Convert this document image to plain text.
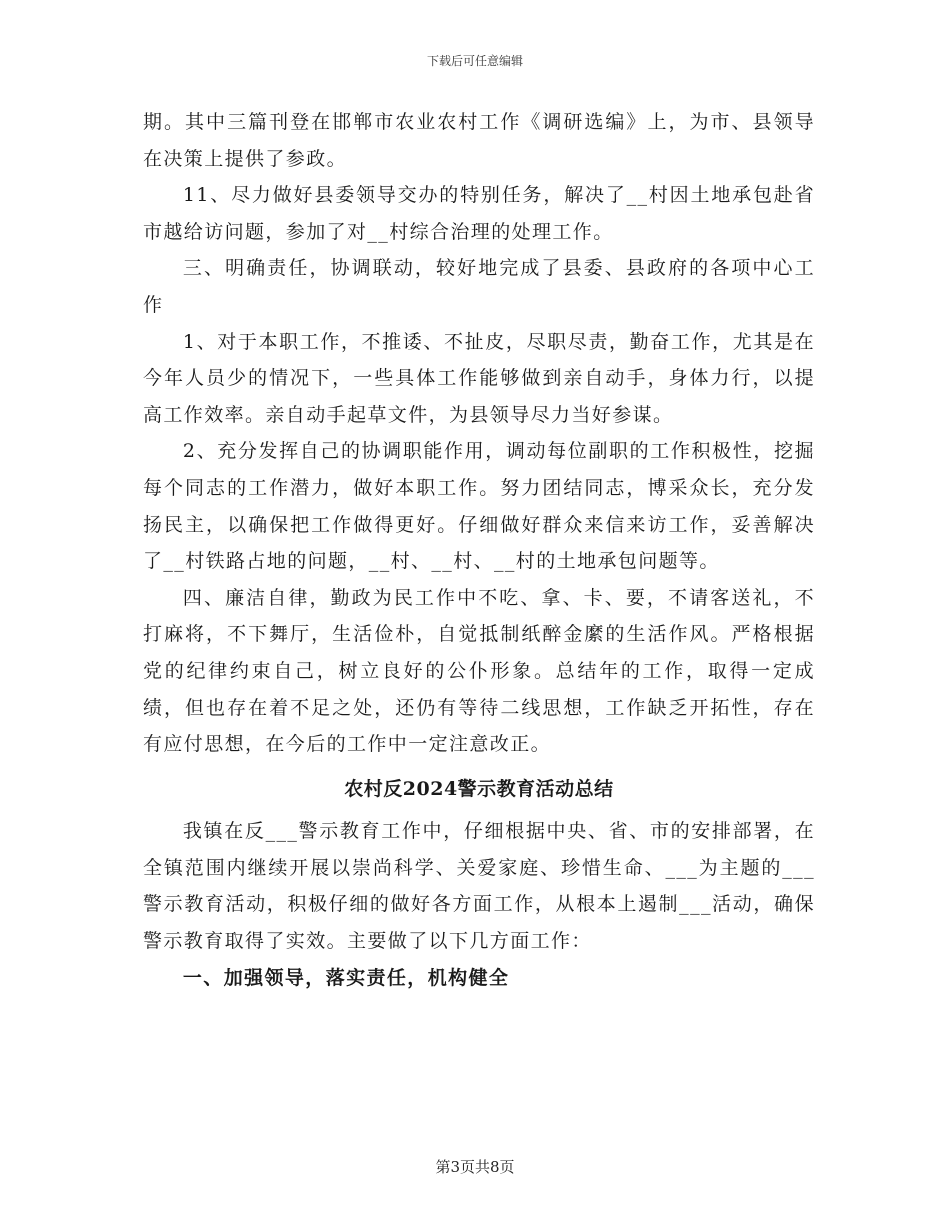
下载后可任意编辑

期。其中三篇刊登在邯郸市农业农村工作《调研选编》上，为市、县领导在决策上提供了参政。

11、尽力做好县委领导交办的特别任务，解决了__村因土地承包赴省市越给访问题，参加了对__村综合治理的处理工作。

三、明确责任，协调联动，较好地完成了县委、县政府的各项中心工作

1、对于本职工作，不推诿、不扯皮，尽职尽责，勤奋工作，尤其是在今年人员少的情况下，一些具体工作能够做到亲自动手，身体力行，以提高工作效率。亲自动手起草文件，为县领导尽力当好参谋。

2、充分发挥自己的协调职能作用，调动每位副职的工作积极性，挖掘每个同志的工作潜力，做好本职工作。努力团结同志，博采众长，充分发扬民主，以确保把工作做得更好。仔细做好群众来信来访工作，妥善解决了__村铁路占地的问题，__村、__村、__村的土地承包问题等。

四、廉洁自律，勤政为民工作中不吃、拿、卡、要，不请客送礼，不打麻将，不下舞厅，生活俭朴，自觉抵制纸醉金縻的生活作风。严格根据党的纪律约束自己，树立良好的公仆形象。总结年的工作，取得一定成绩，但也存在着不足之处，还仍有等待二线思想，工作缺乏开拓性，存在有应付思想，在今后的工作中一定注意改正。

农村反2024警示教育活动总结

我镇在反___警示教育工作中，仔细根据中央、省、市的安排部署，在全镇范围内继续开展以崇尚科学、关爱家庭、珍惜生命、___为主题的___警示教育活动，积极仔细的做好各方面工作，从根本上遏制___活动，确保警示教育取得了实效。主要做了以下几方面工作：

一、加强领导，落实责任，机构健全

第3页共8页
